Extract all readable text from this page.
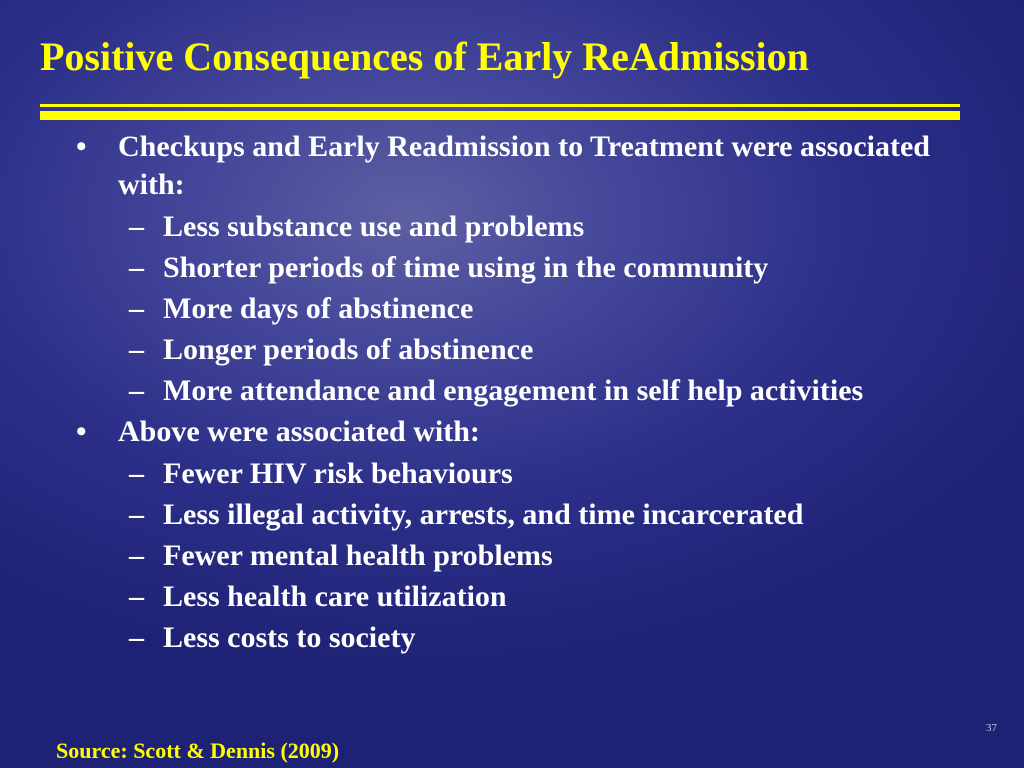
Positive Consequences of Early ReAdmission
• Checkups and Early Readmission to Treatment were associated with:
– Less substance use and problems
– Shorter periods of time using in the community
– More days of abstinence
– Longer periods of abstinence
– More attendance and engagement in self help activities
• Above were associated with:
– Fewer HIV risk behaviours
– Less illegal activity, arrests, and time incarcerated
– Fewer mental health problems
– Less health care utilization
– Less costs to society
37
Source: Scott & Dennis (2009)
